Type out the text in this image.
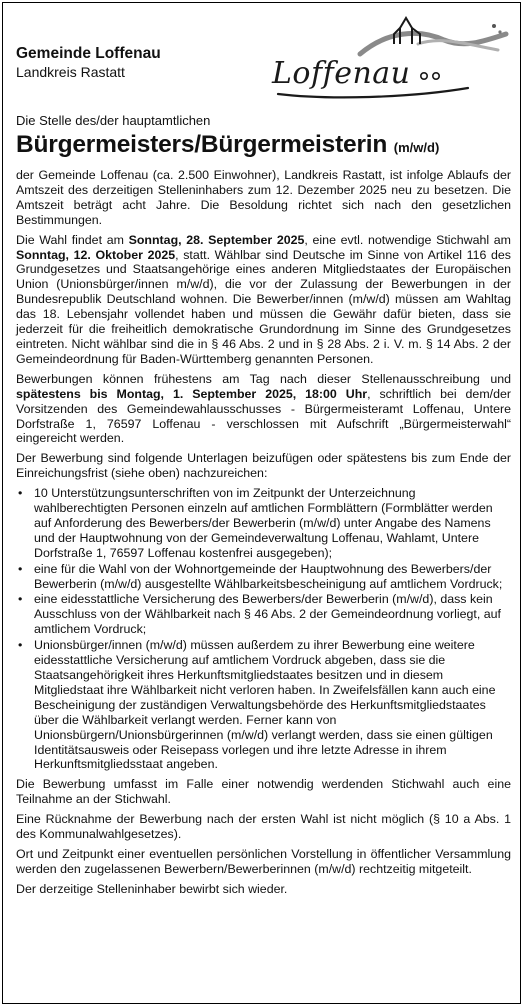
Gemeinde Loffenau
Landkreis Rastatt	Loffenau
Die Stelle des/der hauptamtlichen
Bürgermeisters/Bürgermeisterin (m/w/d)

der Gemeinde Loffenau (ca. 2.500 Einwohner), Landkreis Rastatt, ist infolge Ablaufs der Amtszeit des derzeitigen Stelleninhabers zum 12. Dezember 2025 neu zu besetzen. Die Amtszeit beträgt acht Jahre. Die Besoldung richtet sich nach den gesetzlichen Bestimmungen.

Die Wahl findet am Sonntag, 28. September 2025, eine evtl. notwendige Stichwahl am Sonntag, 12. Oktober 2025, statt. Wählbar sind Deutsche im Sinne von Artikel 116 des Grundgesetzes und Staatsangehörige eines anderen Mitgliedstaates der Europäischen Union (Unionsbürger/innen m/w/d), die vor der Zulassung der Bewerbungen in der Bundesrepublik Deutschland wohnen. Die Bewerber/innen (m/w/d) müssen am Wahltag das 18. Lebensjahr vollendet haben und müssen die Gewähr dafür bieten, dass sie jederzeit für die freiheitlich demokratische Grundordnung im Sinne des Grundgesetzes eintreten. Nicht wählbar sind die in § 46 Abs. 2 und in § 28 Abs. 2 i. V. m. § 14 Abs. 2 der Gemeindeordnung für Baden-Württemberg genannten Personen.

Bewerbungen können frühestens am Tag nach dieser Stellenausschreibung und spätestens bis Montag, 1. September 2025, 18:00 Uhr, schriftlich bei dem/der Vorsitzenden des Gemeindewahlausschusses - Bürgermeisteramt Loffenau, Untere Dorfstraße 1, 76597 Loffenau - verschlossen mit Aufschrift „Bürgermeisterwahl“ eingereicht werden.

Der Bewerbung sind folgende Unterlagen beizufügen oder spätestens bis zum Ende der Einreichungsfrist (siehe oben) nachzureichen:

• 10 Unterstützungsunterschriften von im Zeitpunkt der Unterzeichnung wahlberechtigten Personen einzeln auf amtlichen Formblättern (Formblätter werden auf Anforderung des Bewerbers/der Bewerberin (m/w/d) unter Angabe des Namens und der Hauptwohnung von der Gemeindeverwaltung Loffenau, Wahlamt, Untere Dorfstraße 1, 76597 Loffenau kostenfrei ausgegeben);
• eine für die Wahl von der Wohnortgemeinde der Hauptwohnung des Bewerbers/der Bewerberin (m/w/d) ausgestellte Wählbarkeitsbescheinigung auf amtlichem Vordruck;
• eine eidesstattliche Versicherung des Bewerbers/der Bewerberin (m/w/d), dass kein Ausschluss von der Wählbarkeit nach § 46 Abs. 2 der Gemeindeordnung vorliegt, auf amtlichem Vordruck;
• Unionsbürger/innen (m/w/d) müssen außerdem zu ihrer Bewerbung eine weitere eidesstattliche Versicherung auf amtlichem Vordruck abgeben, dass sie die Staatsangehörigkeit ihres Herkunftsmitgliedstaates besitzen und in diesem Mitgliedstaat ihre Wählbarkeit nicht verloren haben. In Zweifelsfällen kann auch eine Bescheinigung der zuständigen Verwaltungsbehörde des Herkunftsmitgliedstaates über die Wählbarkeit verlangt werden. Ferner kann von Unionsbürgern/Unionsbürgerinnen (m/w/d) verlangt werden, dass sie einen gültigen Identitätsausweis oder Reisepass vorlegen und ihre letzte Adresse in ihrem Herkunftsmitgliedsstaat angeben.

Die Bewerbung umfasst im Falle einer notwendig werdenden Stichwahl auch eine Teilnahme an der Stichwahl.

Eine Rücknahme der Bewerbung nach der ersten Wahl ist nicht möglich (§ 10 a Abs. 1 des Kommunalwahlgesetzes).

Ort und Zeitpunkt einer eventuellen persönlichen Vorstellung in öffentlicher Versammlung werden den zugelassenen Bewerbern/Bewerberinnen (m/w/d) rechtzeitig mitgeteilt.

Der derzeitige Stelleninhaber bewirbt sich wieder.
